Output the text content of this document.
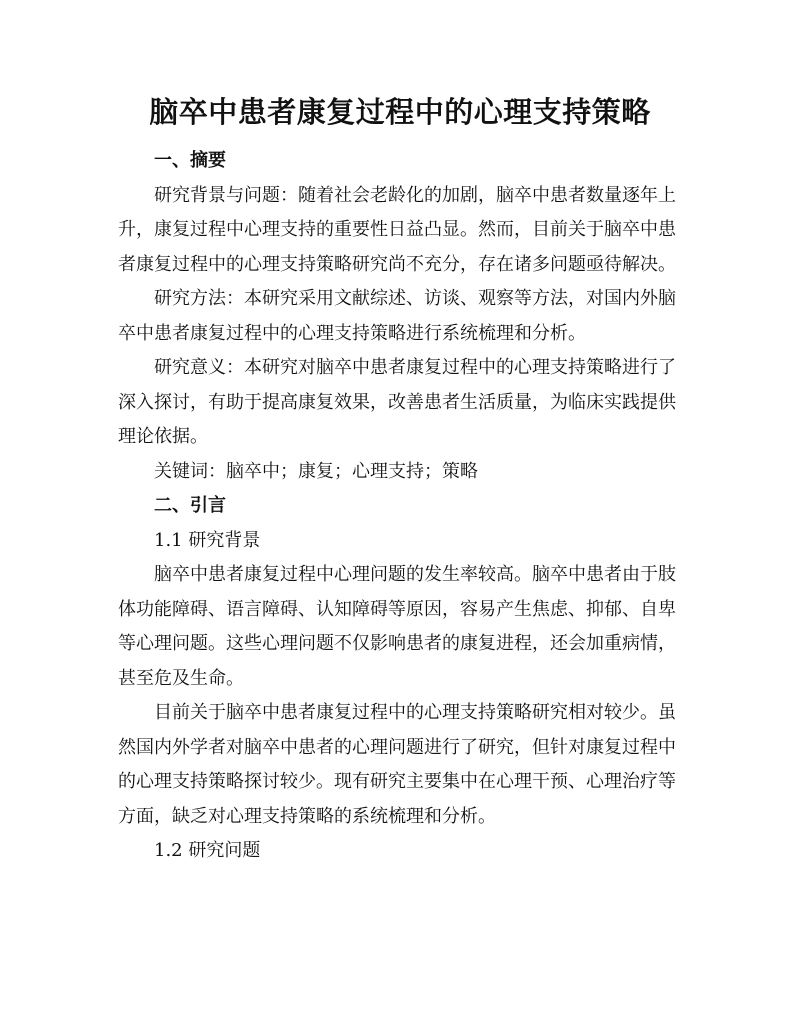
脑卒中患者康复过程中的心理支持策略
一、摘要

研究背景与问题：随着社会老龄化的加剧，脑卒中患者数量逐年上升，康复过程中心理支持的重要性日益凸显。然而，目前关于脑卒中患者康复过程中的心理支持策略研究尚不充分，存在诸多问题亟待解决。

研究方法：本研究采用文献综述、访谈、观察等方法，对国内外脑卒中患者康复过程中的心理支持策略进行系统梳理和分析。

研究意义：本研究对脑卒中患者康复过程中的心理支持策略进行了深入探讨，有助于提高康复效果，改善患者生活质量，为临床实践提供理论依据。

关键词：脑卒中；康复；心理支持；策略
二、引言
1.1 研究背景

脑卒中患者康复过程中心理问题的发生率较高。脑卒中患者由于肢体功能障碍、语言障碍、认知障碍等原因，容易产生焦虑、抑郁、自卑等心理问题。这些心理问题不仅影响患者的康复进程，还会加重病情，甚至危及生命。

目前关于脑卒中患者康复过程中的心理支持策略研究相对较少。虽然国内外学者对脑卒中患者的心理问题进行了研究，但针对康复过程中的心理支持策略探讨较少。现有研究主要集中在心理干预、心理治疗等方面，缺乏对心理支持策略的系统梳理和分析。

1.2 研究问题
